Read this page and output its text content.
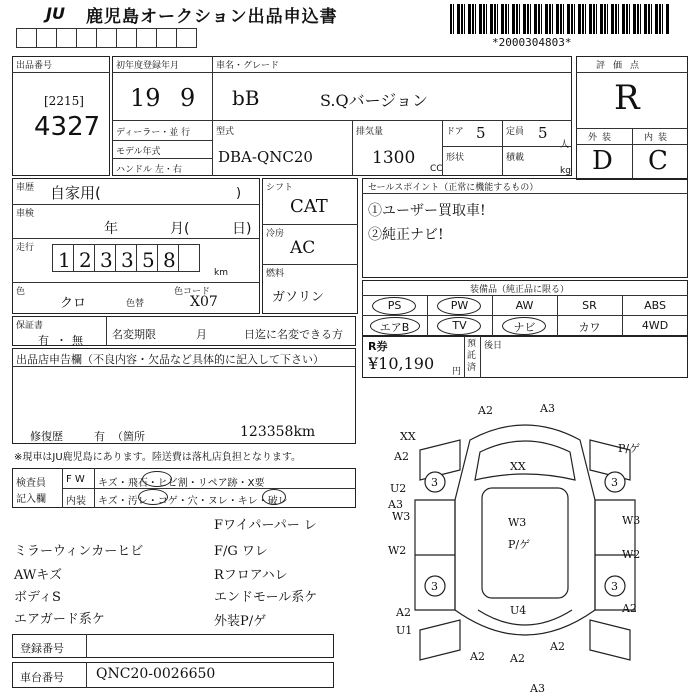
JU 鹿児島オークション出品申込書
*2000304803*
出品番号
[2215]
4327
初年度登録年月	車名・グレード
19 9 bB	S.Qバージョン
ディーラー・並 行
モデル年式
ハンドル 左・右
型式
DBA-QNC20
排気量
1300
CC
ドア 5 定員 5
人
形状	積載
kg
評価点
R
外装	内装
D C
車歴 自家用(	)
車検
年	月(	日)
走行 1 2 3 3 5 8
km
色
クロ	色替
色コード
X07
シフト
CAT
冷房
AC
燃料
ガソリン
セールスポイント（正常に機能するもの）
①ユーザー買取車!
②純正ナビ!
装備品（純正品に限る）
PS	PW	AW	SR	ABS
エアB	TV	ナビ	カワ	4WD
保証書
有 ・ 無	名変期限	月	日迄に名変できる方
R券
¥10,190 円
預託済
後日
出品店申告欄（不良内容・欠品など具体的に記入して下さい）
修復歴	有 （箇所	123358km
※現車はJU鹿児島にあります。陸送費は落札店負担となります。
検査員
記入欄
F W キズ・飛石・ヒビ割・リペア跡・X要
内装 キズ・汚レ・コゲ・穴・ヌレ・キレ・破レ
Fワイパーパー レ
ミラーウィンカーヒビ	F/G ワレ
AWキズ	Rフロアハレ
ボディS	エンドモール系ケ
エアガード系ケ	外装P/ゲ
登録番号
車台番号 QNC20-0026650
A2	A3
XX
A2
P/ゲ
XX
U2
A3
3	3
W3	W3	W3
W2	P/ゲ
W2
3	3
A2	A2
U1
U4
A2 A2
A2
A3
